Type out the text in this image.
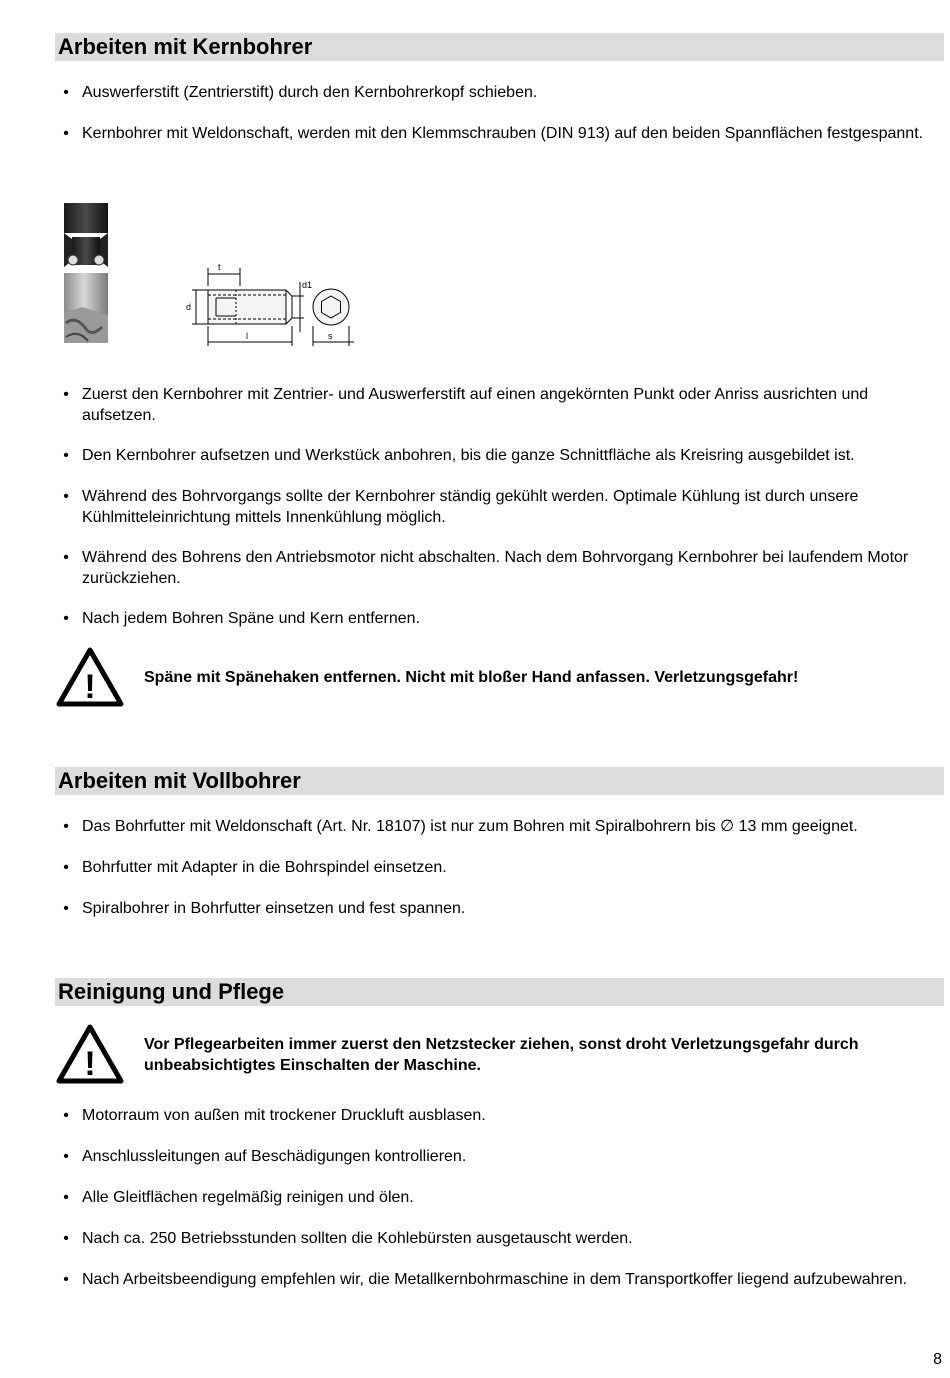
Arbeiten mit Kernbohrer
• Auswerferstift (Zentrierstift) durch den Kernbohrerkopf schieben.
• Kernbohrer mit Weldonschaft, werden mit den Klemmschrauben (DIN 913) auf den beiden Spannflächen festgespannt.
t
d1
d
l	s
• Zuerst den Kernbohrer mit Zentrier- und Auswerferstift auf einen angekörnten Punkt oder Anriss ausrichten und aufsetzen.
• Den Kernbohrer aufsetzen und Werkstück anbohren, bis die ganze Schnittfläche als Kreisring ausgebildet ist.
• Während des Bohrvorgangs sollte der Kernbohrer ständig gekühlt werden. Optimale Kühlung ist durch unsere Kühlmitteleinrichtung mittels Innenkühlung möglich.
• Während des Bohrens den Antriebsmotor nicht abschalten. Nach dem Bohrvorgang Kernbohrer bei laufendem Motor zurückziehen.
• Nach jedem Bohren Späne und Kern entfernen.
!	Späne mit Spänehaken entfernen. Nicht mit bloßer Hand anfassen. Verletzungsgefahr!
Arbeiten mit Vollbohrer
• Das Bohrfutter mit Weldonschaft (Art. Nr. 18107) ist nur zum Bohren mit Spiralbohrern bis ∅ 13 mm geeignet.
• Bohrfutter mit Adapter in die Bohrspindel einsetzen.
• Spiralbohrer in Bohrfutter einsetzen und fest spannen.
Reinigung und Pflege
!
Vor Pflegearbeiten immer zuerst den Netzstecker ziehen, sonst droht Verletzungsgefahr durch unbeabsichtigtes Einschalten der Maschine.
• Motorraum von außen mit trockener Druckluft ausblasen.
• Anschlussleitungen auf Beschädigungen kontrollieren.
• Alle Gleitflächen regelmäßig reinigen und ölen.
• Nach ca. 250 Betriebsstunden sollten die Kohlebürsten ausgetauscht werden.
• Nach Arbeitsbeendigung empfehlen wir, die Metallkernbohrmaschine in dem Transportkoffer liegend aufzubewahren.
8
